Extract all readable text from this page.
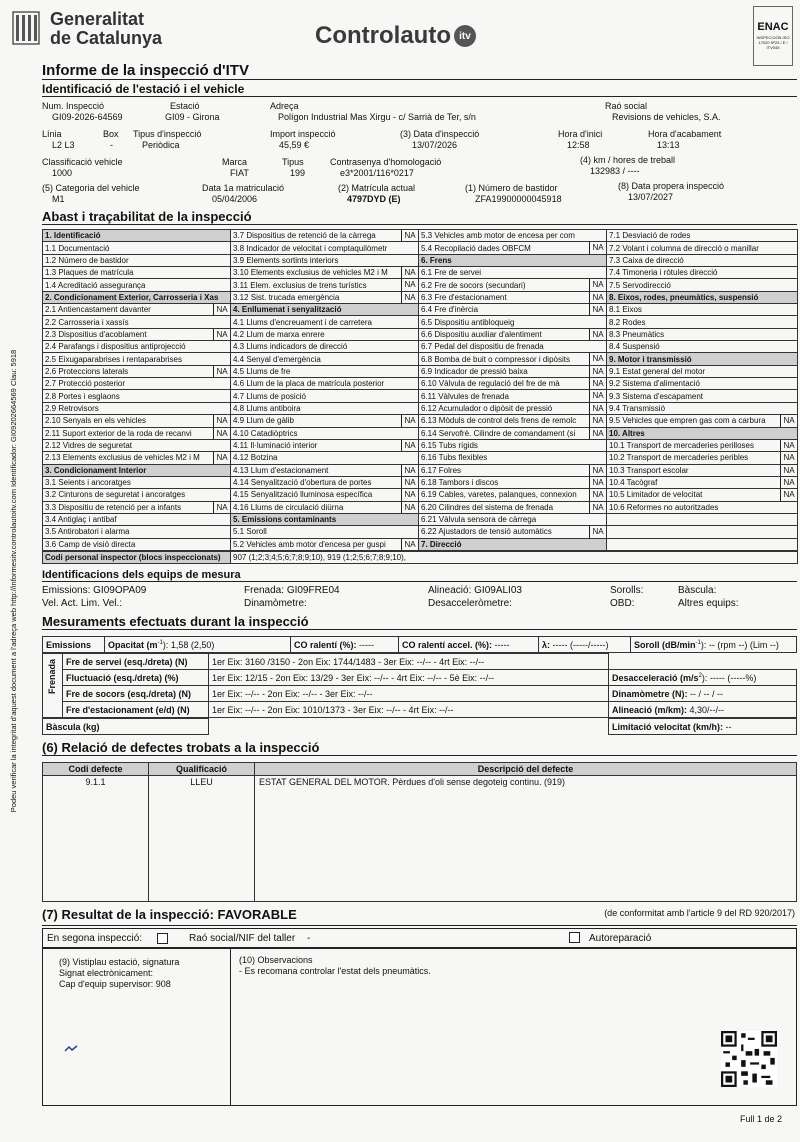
Generalitat
de Catalunya	Controlauto itv
ENAC
INSPECCIÓN ISO 17020 Nº23 / E / ITV045
Podeu verificar la integritat d'aquest document a l'adreça web http://informesitv.controlautoitv.com Identificador: GI09202664569 Clau: 5918
Informe de la inspecció d'ITV
Identificació de l'estació i el vehicle
Num. Inspecció
GI09-2026-64569
Estació
GI09 - Girona
Adreça
Polígon Industrial Mas Xirgu - c/ Sarrià de Ter, s/n
Raó social
Revisions de vehicles, S.A.
Línia
L2 L3
Box
-
Tipus d'inspecció
Periòdica
Import inspecció
45,59 €
(3) Data d'inspecció
13/07/2026
Hora d'inici
12:58
Hora d'acabament
13:13
Classificació vehicle
1000
Marca
FIAT
Tipus
199
Contrasenya d'homologació
e3*2001/116*0217
(4) km / hores de treball
132983 / ----
(5) Categoria del vehicle
M1
Data 1a matriculació
05/04/2006
(2) Matrícula actual
4797DYD (E)
(1) Número de bastidor
ZFA19900000045918
(8) Data propera inspecció
13/07/2027
Abast i traçabilitat de la inspecció
1. Identificació	3.7 Dispositius de retenció de la càrrega NA	5.3 Vehicles amb motor de encesa per com	7.1 Desviació de rodes
1.1 Documentació	3.8 Indicador de velocitat i comptaquilòmetr	5.4 Recopilació dades OBFCM NA	7.2 Volant i columna de direcció o manillar
1.2 Número de bastidor	3.9 Elements sortints interiors	6. Frens	7.3 Caixa de direcció
1.3 Plaques de matrícula	3.10 Elements exclusius de vehicles M2 i M NA	6.1 Fre de servei	7.4 Timoneria i ròtules direcció
1.4 Acreditació assegurança	3.11 Elem. exclusius de trens turístics NA	6.2 Fre de socors (secundari) NA	7.5 Servodirecció
2. Condicionament Exterior, Carrosseria i Xas	3.12 Sist. trucada emergència NA	6.3 Fre d'estacionament NA	8. Eixos, rodes, pneumàtics, suspensió

2.1 Antiencastament davanter NA	4. Enllumenat i senyalització	6.4 Fre d'inèrcia NA	8.1 Eixos
2.2 Carrosseria i xassís	4.1 Llums d'encreuament i de carretera	6.5 Dispositiu antibloqueig	8.2 Rodes

2.3 Dispositius d'acoblament NA	4.2 Llum de marxa enrere	6.6 Dispositiu auxiliar d'alentiment NA	8.3 Pneumàtics
2.4 Parafangs i dispositius antiprojecció	4.3 Llums indicadors de direcció	6.7 Pedal del dispositiu de frenada	8.4 Suspensió
2.5 Eixugaparabrises i rentaparabrises	4.4 Senyal d'emergència	6.8 Bomba de buit o compressor i dipòsits NA	9. Motor i transmissió

2.6 Proteccions laterals NA	4.5 Llums de fre	6.9 Indicador de pressió baixa NA	9.1 Estat general del motor
2.7 Protecció posterior	4.6 Llum de la placa de matrícula posterior	6.10 Vàlvula de regulació del fre de mà NA	9.2 Sistema d'alimentació
2.8 Portes i esglaons	4.7 Llums de posició	6.11 Vàlvules de frenada NA	9.3 Sistema d'escapament
2.9 Retrovisors	4.8 Llums antiboira	6.12 Acumulador o dipòsit de pressió NA	9.4 Transmissió

2.10 Senyals en els vehicles NA	4.9 Llum de gàlib NA	6.13 Mòduls de control dels frens de remolc NA	9.5 Vehicles que empren gas com a carbura NA

2.11 Suport exterior de la roda de recanvi NA	4.10 Catadiòptrics	6.14 Servofrè. Cilindre de comandament (si NA	10. Altres
2.12 Vidres de seguretat	4.11 Il·luminació interior NA	6.15 Tubs rígids	10.1 Transport de mercaderies perilloses NA

2.13 Elements exclusius de vehicles M2 i M NA	4.12 Botzina	6.16 Tubs flexibles	10.2 Transport de mercaderies peribles NA

3. Condicionament Interior	4.13 Llum d'estacionament NA	6.17 Folres NA	10.3 Transport escolar NA

3.1 Seients i ancoratges	4.14 Senyalització d'obertura de portes NA	6.18 Tambors i discos NA	10.4 Tacògraf NA

3.2 Cinturons de seguretat i ancoratges	4.15 Senyalització lluminosa específica NA	6.19 Cables, varetes, palanques, connexion NA	10.5 Limitador de velocitat NA

3.3 Dispositiu de retenció per a infants NA	4.16 Llums de circulació diürna NA	6.20 Cilindres del sistema de frenada NA	10.6 Reformes no autoritzades
3.4 Antiglaç i antibaf	5. Emissions contaminants	6.21 Vàlvula sensora de càrrega	
3.5 Antirobatori i alarma	5.1 Soroll	6.22 Ajustadors de tensió automàtics NA	

3.6 Camp de visió directa	5.2 Vehicles amb motor d'encesa per guspi NA	7. Direcció	
Codi personal inspector (blocs inspeccionats)	907 (1;2;3;4;5;6;7;8;9;10), 919 (1;2;5;6;7;8;9;10),
Identificacions dels equips de mesura
Emissions: GI09OPA09	Frenada: GI09FRE04	Alineació: GI09ALI03	Sorolls:	Bàscula:
Vel. Act. Lim. Vel.:	Dinamòmetre:	Desacceleròmetre:	OBD:	Altres equips:
Mesuraments efectuats durant la inspecció
Emissions	Opacitat $(m^{-1})$: 1,58 (2,50)	CO ralentí (%): -----	CO ralentí accel. (%): -----	λ: ----- (-----/-----)	Soroll $(dB/\min^{-1})$: -- (rpm --) (Lim --)
Frenada	Fre de servei (esq./dreta) (N)	1er Eix: 3160 /3150 - 2on Eix: 1744/1483 - 3er Eix: --/-- - 4rt Eix: --/--	
	Fluctuació (esq./dreta) (%)	1er Eix: 12/15 - 2on Eix: 13/29 - 3er Eix: --/-- - 4rt Eix: --/-- - 5è Eix: --/--	Desacceleració $(m/s^2)$: ----- (-----%)
	Fre de socors (esq./dreta) (N)	1er Eix: --/-- - 2on Eix: --/-- - 3er Eix: --/--	Dinamòmetre (N): -- / -- / --
	Fre d'estacionament (e/d) (N)	1er Eix: --/-- - 2on Eix: 1010/1373 - 3er Eix: --/-- - 4rt Eix: --/--	Alineació (m/km): 4,30/--/--
Bàscula (kg)		Limitació velocitat (km/h): --
(6) Relació de defectes trobats a la inspecció
Codi defecte	Qualificació	Descripció del defecte
9.1.1	LLEU	ESTAT GENERAL DEL MOTOR. Pèrdues d'oli sense degoteig continu. (919)
(7) Resultat de la inspecció: FAVORABLE	(de conformitat amb l'article 9 del RD 920/2017)
En segona inspecció:	Raó social/NIF del taller -	Autoreparació
(9) Vistiplau estació, signatura
Signat electrònicament:
Cap d'equip supervisor: 908
(10) Observacions
- Es recomana controlar l'estat dels pneumàtics.
Full 1 de 2
